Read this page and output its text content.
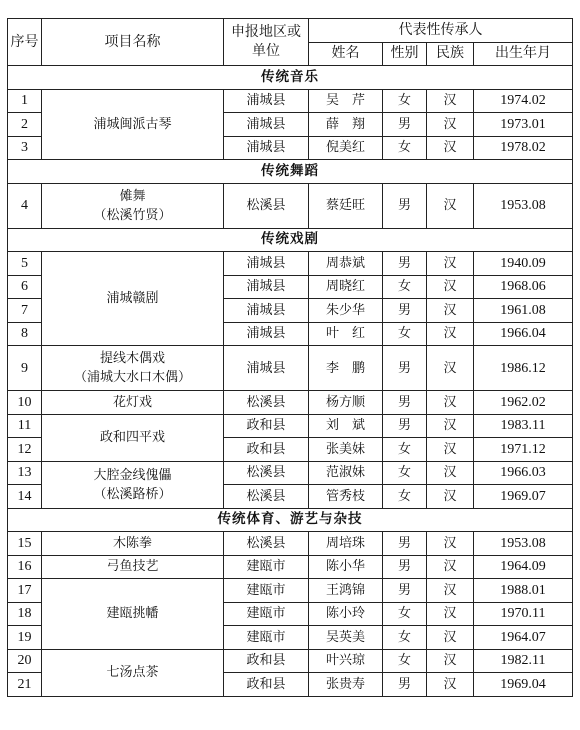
序号	项目名称	申报地区或单位	代表性传承人			
			姓名	性别	民族	出生年月
传统音乐						
1	浦城闽派古琴	浦城县	吴　芹	女	汉	1974.02
2		浦城县	薛　翔	男	汉	1973.01
3		浦城县	倪美红	女	汉	1978.02
传统舞蹈						
4	傩舞
（松溪竹贤）	松溪县	蔡廷旺	男	汉	1953.08
传统戏剧						
5	浦城赣剧	浦城县	周恭斌	男	汉	1940.09
6		浦城县	周晓红	女	汉	1968.06
7		浦城县	朱少华	男	汉	1961.08
8		浦城县	叶　红	女	汉	1966.04
9	提线木偶戏
（浦城大水口木偶）	浦城县	李　鹏	男	汉	1986.12
10	花灯戏	松溪县	杨方顺	男	汉	1962.02
11	政和四平戏	政和县	刘　斌	男	汉	1983.11
12		政和县	张美妹	女	汉	1971.12
13	大腔金线傀儡
（松溪路桥）	松溪县	范淑妹	女	汉	1966.03
14		松溪县	管秀枝	女	汉	1969.07
传统体育、游艺与杂技						
15	木陈拳	松溪县	周培珠	男	汉	1953.08
16	弓鱼技艺	建瓯市	陈小华	男	汉	1964.09
17	建瓯挑幡	建瓯市	王鸿锦	男	汉	1988.01
18		建瓯市	陈小玲	女	汉	1970.11
19		建瓯市	吴英美	女	汉	1964.07
20	七汤点茶	政和县	叶兴琼	女	汉	1982.11
21		政和县	张贵寿	男	汉	1969.04
